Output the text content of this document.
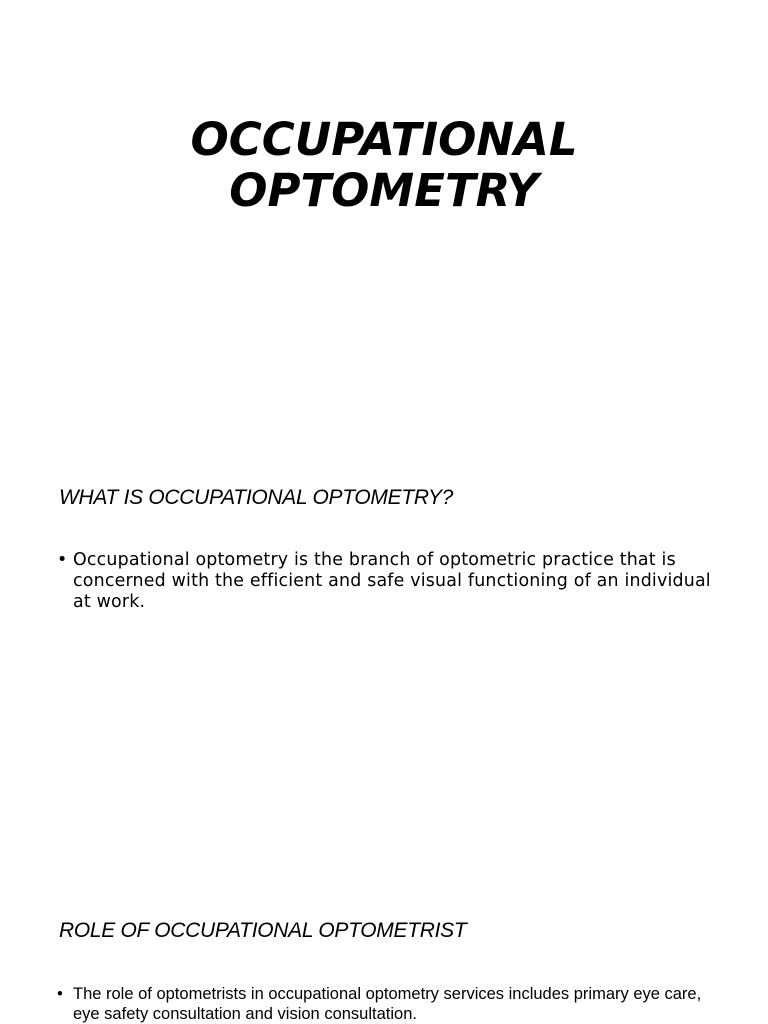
OCCUPATIONAL
OPTOMETRY
WHAT IS OCCUPATIONAL OPTOMETRY?
• Occupational optometry is the branch of optometric practice that is concerned with the efficient and safe visual functioning of an individual at work.
ROLE OF OCCUPATIONAL OPTOMETRIST
• The role of optometrists in occupational optometry services includes primary eye care, eye safety consultation and vision consultation.
